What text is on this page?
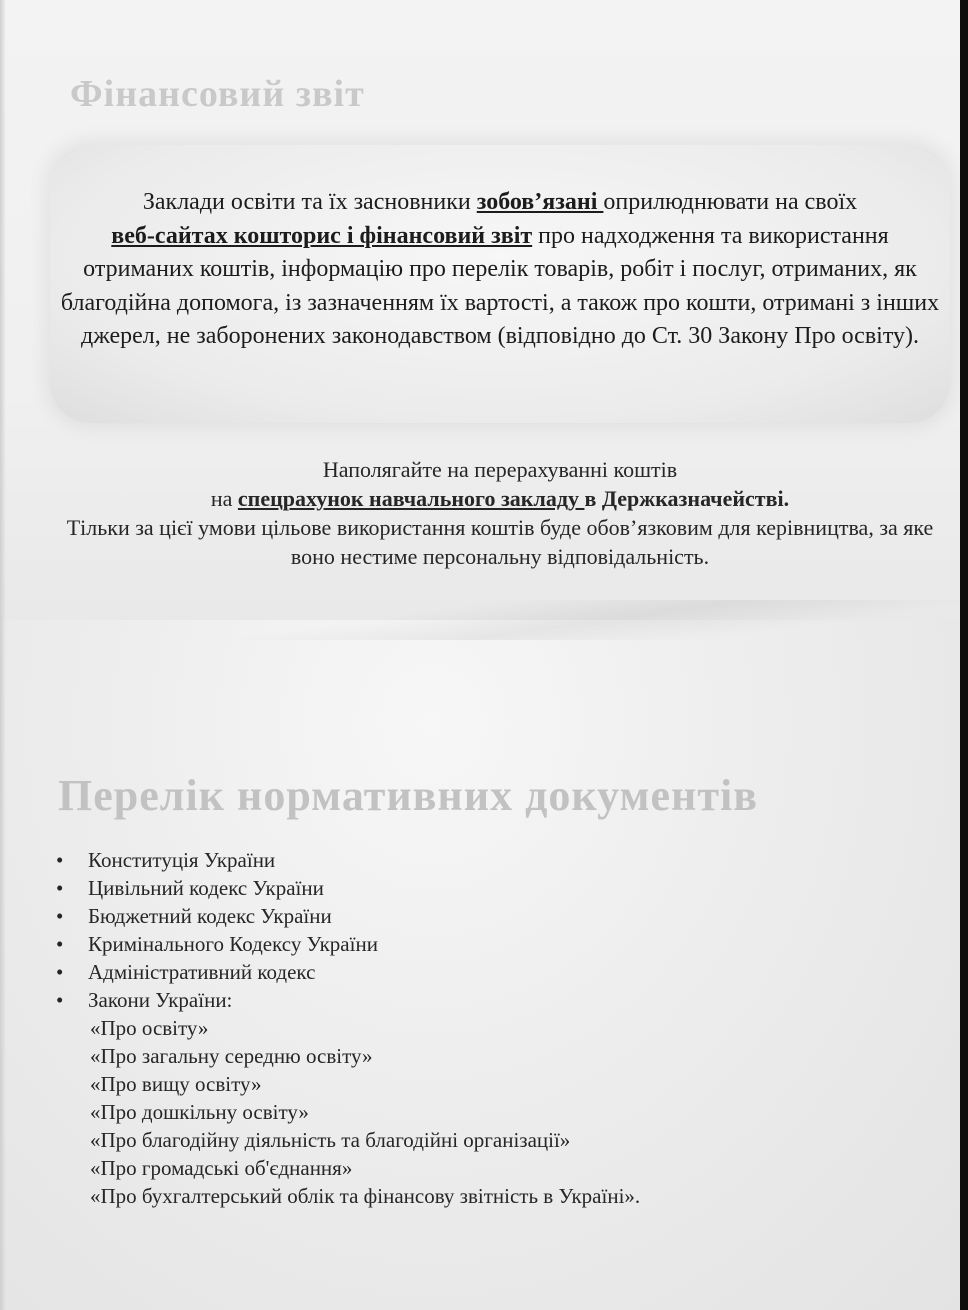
Фінансовий звіт
Заклади освіти та їх засновники зобов’язані оприлюднювати на своїх
веб-сайтах кошторис і фінансовий звіт про надходження та використання отриманих коштів, інформацію про перелік товарів, робіт і послуг, отриманих, як благодійна допомога, із зазначенням їх вартості, а також про кошти, отримані з інших джерел, не заборонених законодавством (відповідно до Ст. 30 Закону Про освіту).
Наполягайте на перерахуванні коштів
на спецрахунок навчального закладу в Держказначействі.
Тільки за цієї умови цільове використання коштів буде обов’язковим для керівництва, за яке воно нестиме персональну відповідальність.
Перелік нормативних документів
• Конституція України
• Цивільний кодекс України
• Бюджетний кодекс України
• Кримінального Кодексу України
• Адміністративний кодекс
• Закони України:
«Про освіту»
«Про загальну середню освіту»
«Про вищу освіту»
«Про дошкільну освіту»
«Про благодійну діяльність та благодійні організації»
«Про громадські об'єднання»
«Про бухгалтерський облік та фінансову звітність в Україні».
